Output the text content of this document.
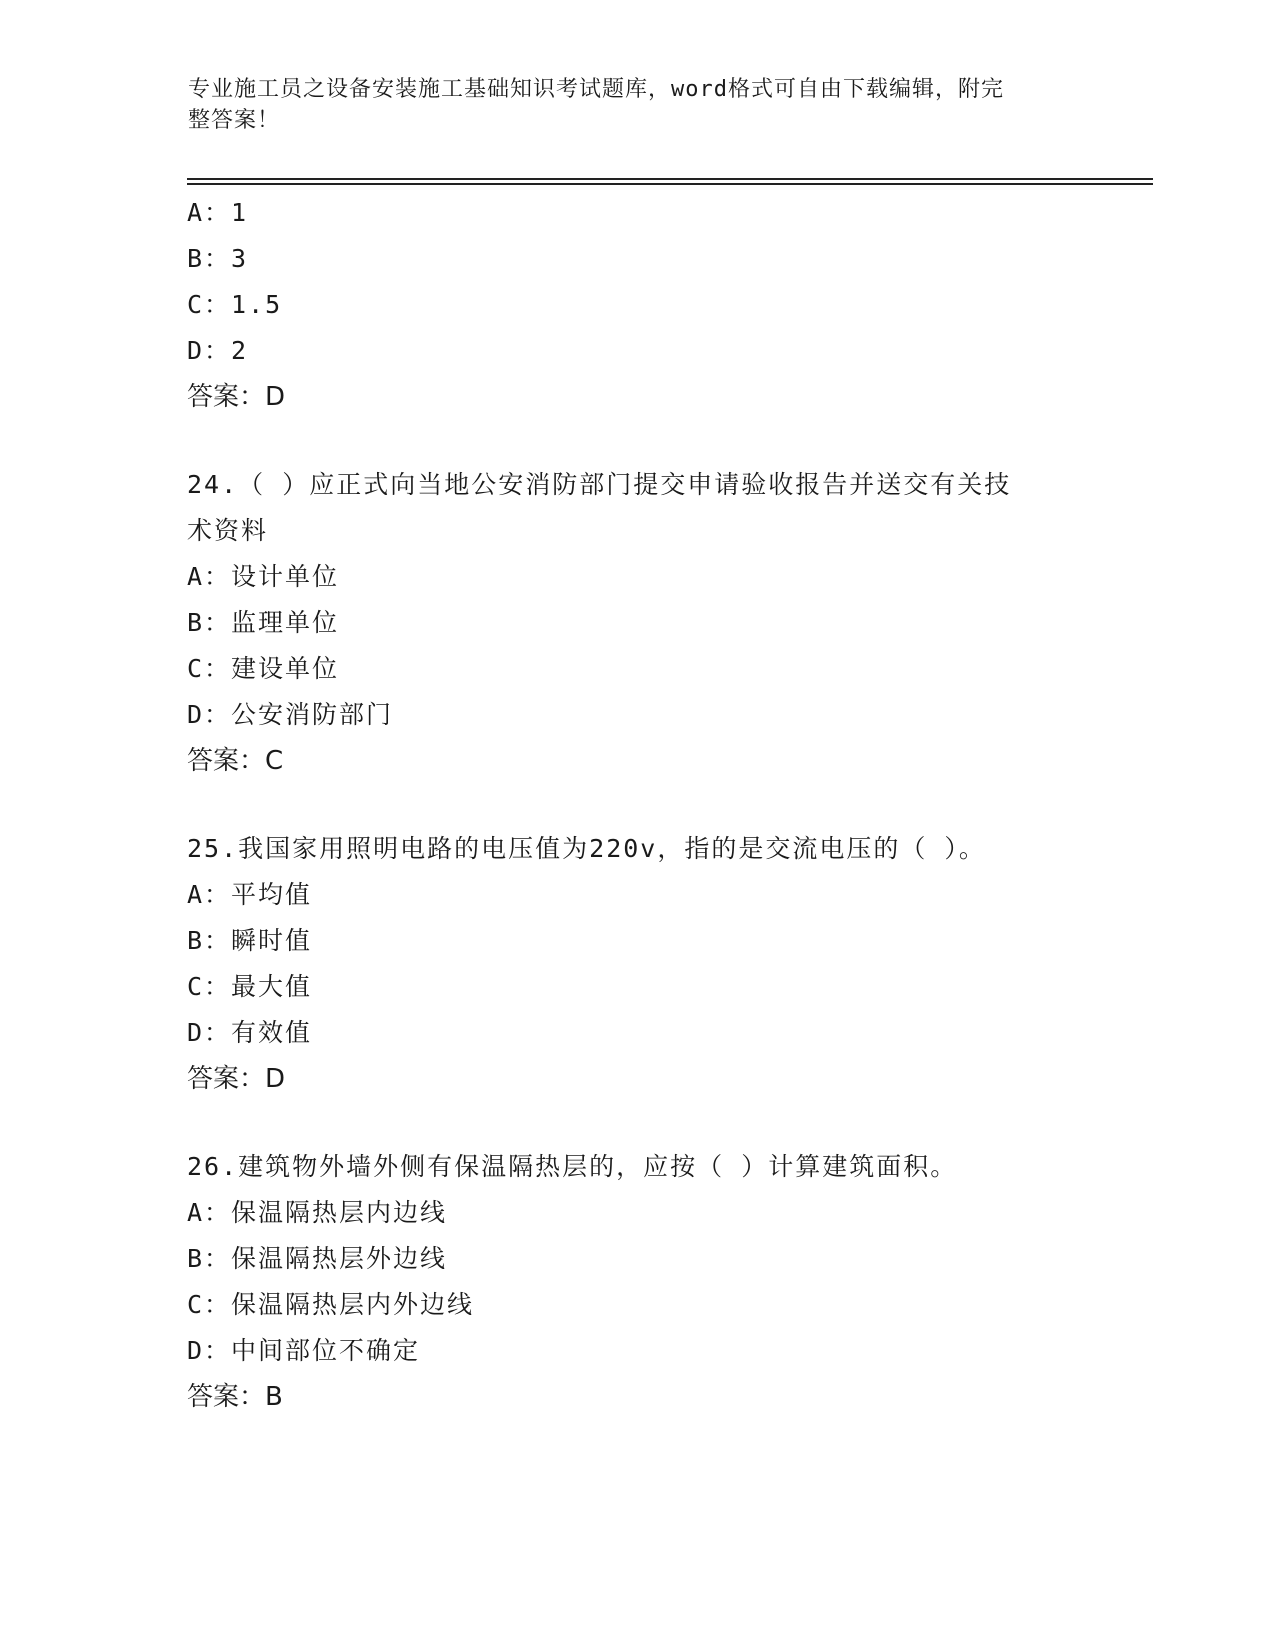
专业施工员之设备安装施工基础知识考试题库，word格式可自由下载编辑，附完
整答案！
A：1
B：3
C：1.5
D：2
答案：D
24.（ ）应正式向当地公安消防部门提交申请验收报告并送交有关技
术资料
A：设计单位
B：监理单位
C：建设单位
D：公安消防部门
答案：C
25.我国家用照明电路的电压值为220v，指的是交流电压的（ ）。
A：平均值
B：瞬时值
C：最大值
D：有效值
答案：D
26.建筑物外墙外侧有保温隔热层的，应按（ ）计算建筑面积。
A：保温隔热层内边线
B：保温隔热层外边线
C：保温隔热层内外边线
D：中间部位不确定
答案：B
